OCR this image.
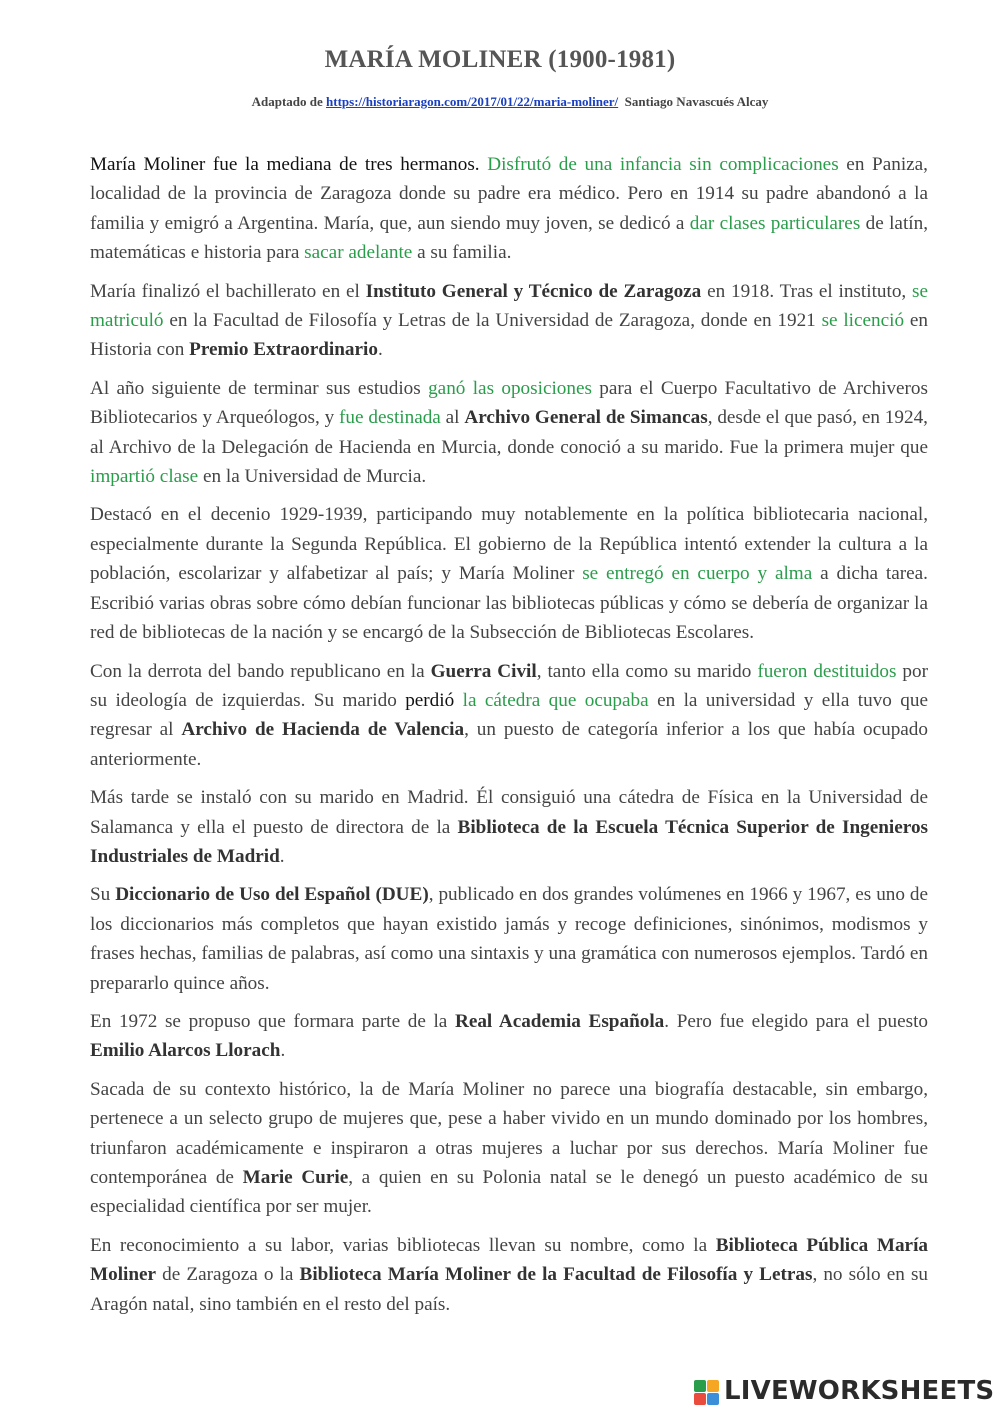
MARÍA MOLINER (1900-1981)
Adaptado de https://historiaragon.com/2017/01/22/maria-moliner/ Santiago Navascués Alcay

María Moliner fue la mediana de tres hermanos. Disfrutó de una infancia sin complicaciones en Paniza, localidad de la provincia de Zaragoza donde su padre era médico. Pero en 1914 su padre abandonó a la familia y emigró a Argentina. María, que, aun siendo muy joven, se dedicó a dar clases particulares de latín, matemáticas e historia para sacar adelante a su familia.

María finalizó el bachillerato en el Instituto General y Técnico de Zaragoza en 1918. Tras el instituto, se matriculó en la Facultad de Filosofía y Letras de la Universidad de Zaragoza, donde en 1921 se licenció en Historia con Premio Extraordinario.

Al año siguiente de terminar sus estudios ganó las oposiciones para el Cuerpo Facultativo de Archiveros Bibliotecarios y Arqueólogos, y fue destinada al Archivo General de Simancas, desde el que pasó, en 1924, al Archivo de la Delegación de Hacienda en Murcia, donde conoció a su marido. Fue la primera mujer que impartió clase en la Universidad de Murcia.

Destacó en el decenio 1929-1939, participando muy notablemente en la política bibliotecaria nacional, especialmente durante la Segunda República. El gobierno de la República intentó extender la cultura a la población, escolarizar y alfabetizar al país; y María Moliner se entregó en cuerpo y alma a dicha tarea. Escribió varias obras sobre cómo debían funcionar las bibliotecas públicas y cómo se debería de organizar la red de bibliotecas de la nación y se encargó de la Subsección de Bibliotecas Escolares.

Con la derrota del bando republicano en la Guerra Civil, tanto ella como su marido fueron destituidos por su ideología de izquierdas. Su marido perdió la cátedra que ocupaba en la universidad y ella tuvo que regresar al Archivo de Hacienda de Valencia, un puesto de categoría inferior a los que había ocupado anteriormente.

Más tarde se instaló con su marido en Madrid. Él consiguió una cátedra de Física en la Universidad de Salamanca y ella el puesto de directora de la Biblioteca de la Escuela Técnica Superior de Ingenieros Industriales de Madrid.

Su Diccionario de Uso del Español (DUE), publicado en dos grandes volúmenes en 1966 y 1967, es uno de los diccionarios más completos que hayan existido jamás y recoge definiciones, sinónimos, modismos y frases hechas, familias de palabras, así como una sintaxis y una gramática con numerosos ejemplos. Tardó en prepararlo quince años.

En 1972 se propuso que formara parte de la Real Academia Española. Pero fue elegido para el puesto Emilio Alarcos Llorach.

Sacada de su contexto histórico, la de María Moliner no parece una biografía destacable, sin embargo, pertenece a un selecto grupo de mujeres que, pese a haber vivido en un mundo dominado por los hombres, triunfaron académicamente e inspiraron a otras mujeres a luchar por sus derechos. María Moliner fue contemporánea de Marie Curie, a quien en su Polonia natal se le denegó un puesto académico de su especialidad científica por ser mujer.

En reconocimiento a su labor, varias bibliotecas llevan su nombre, como la Biblioteca Pública María Moliner de Zaragoza o la Biblioteca María Moliner de la Facultad de Filosofía y Letras, no sólo en su Aragón natal, sino también en el resto del país.

LIVEWORKSHEETS
